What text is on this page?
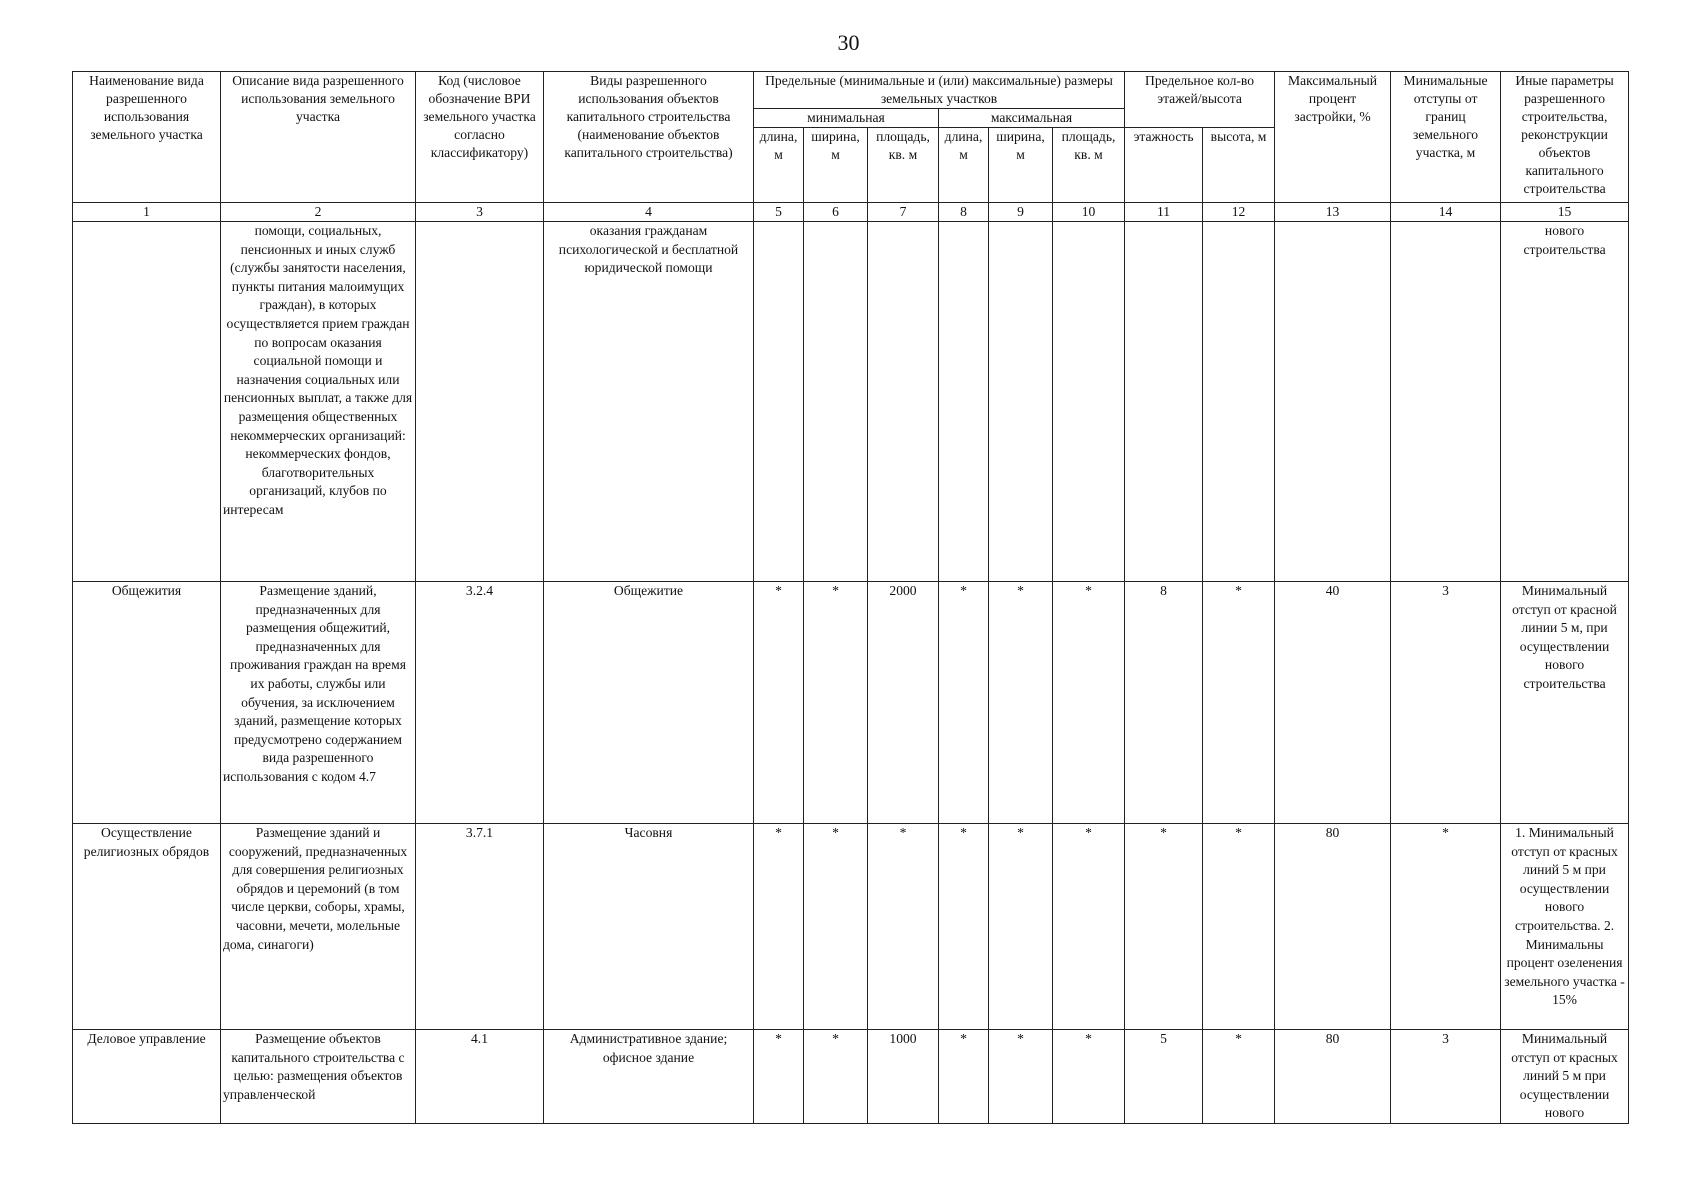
30
Наименование вида разрешенного использования земельного участка	Описание вида разрешенного использования земельного участка	Код (числовое обозначение ВРИ земельного участка согласно классификатору)	Виды разрешенного использования объектов капитального строительства (наименование объектов капитального строительства)	Предельные (минимальные и (или) максимальные) размеры земельных участков						Предельное кол-во этажей/высота		Максимальный процент застройки, %	Минимальные отступы от границ земельного участка, м	Иные параметры разрешенного строительства, реконструкции объектов капитального строительства
				минимальная			максимальная							
				длина, м	ширина, м	площадь, кв. м	длина, м	ширина, м	площадь, кв. м	этажность	высота, м			
1	2	3	4	5	6	7	8	9	10	11	12	13	14	15
	помощи, социальных, пенсионных и иных служб (службы занятости населения, пункты питания малоимущих граждан), в которых осуществляется прием граждан по вопросам оказания социальной помощи и назначения социальных или пенсионных выплат, а также для размещения общественных некоммерческих организаций: некоммерческих фондов, благотворительных организаций, клубов по интересам		оказания гражданам психологической и бесплатной юридической помощи											нового строительства
Общежития	Размещение зданий, предназначенных для размещения общежитий, предназначенных для проживания граждан на время их работы, службы или обучения, за исключением зданий, размещение которых предусмотрено содержанием вида разрешенного использования с кодом 4.7	3.2.4	Общежитие	*	*	2000	*	*	*	8	*	40	3	Минимальный отступ от красной линии 5 м, при осуществлении нового строительства
Осуществление религиозных обрядов	Размещение зданий и сооружений, предназначенных для совершения религиозных обрядов и церемоний (в том числе церкви, соборы, храмы, часовни, мечети, молельные дома, синагоги)	3.7.1	Часовня	*	*	*	*	*	*	*	*	80	*	1. Минимальный отступ от красных линий 5 м при осуществлении нового строительства. 2. Минимальны процент озеленения земельного участка - 15%
Деловое управление	Размещение объектов капитального строительства с целью: размещения объектов управленческой	4.1	Административное здание; офисное здание	*	*	1000	*	*	*	5	*	80	3	Минимальный отступ от красных линий 5 м при осуществлении нового
